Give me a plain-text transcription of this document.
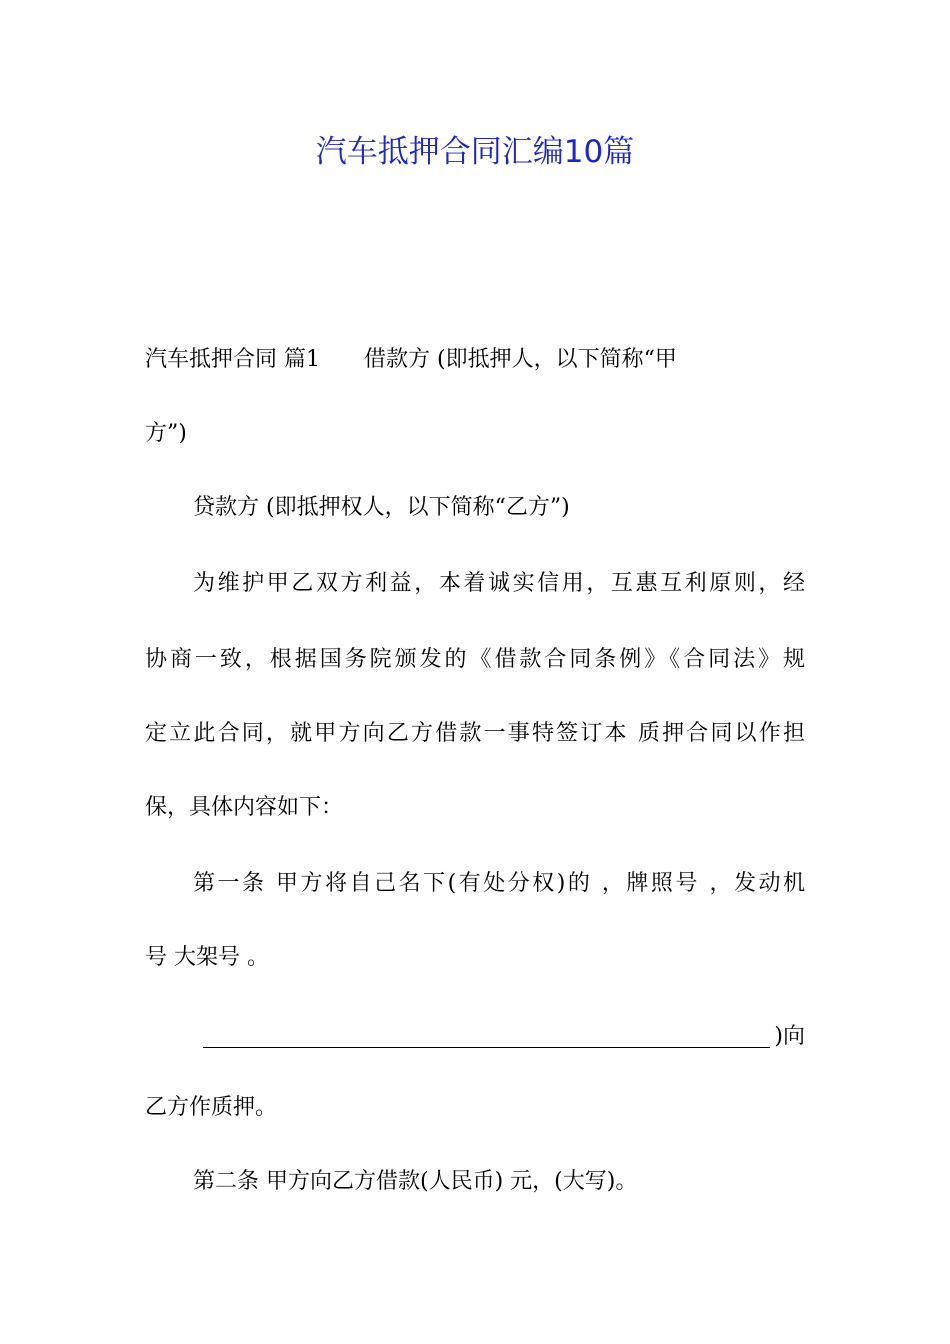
汽车抵押合同汇编10篇

汽车抵押合同 篇1 借款方 (即抵押人，以下简称“甲

方”)

贷款方 (即抵押权人，以下简称“乙方”)

为维护甲乙双方利益，本着诚实信用，互惠互利原则，经

协商一致，根据国务院颁发的《借款合同条例》《合同法》规

定立此合同，就甲方向乙方借款一事特签订本 质押合同以作担

保，具体内容如下：

第一条 甲方将自己名下(有处分权)的 ，牌照号 ，发动机

号 大架号 。

)向

乙方作质押。

第二条 甲方向乙方借款(人民币) 元，(大写)。
